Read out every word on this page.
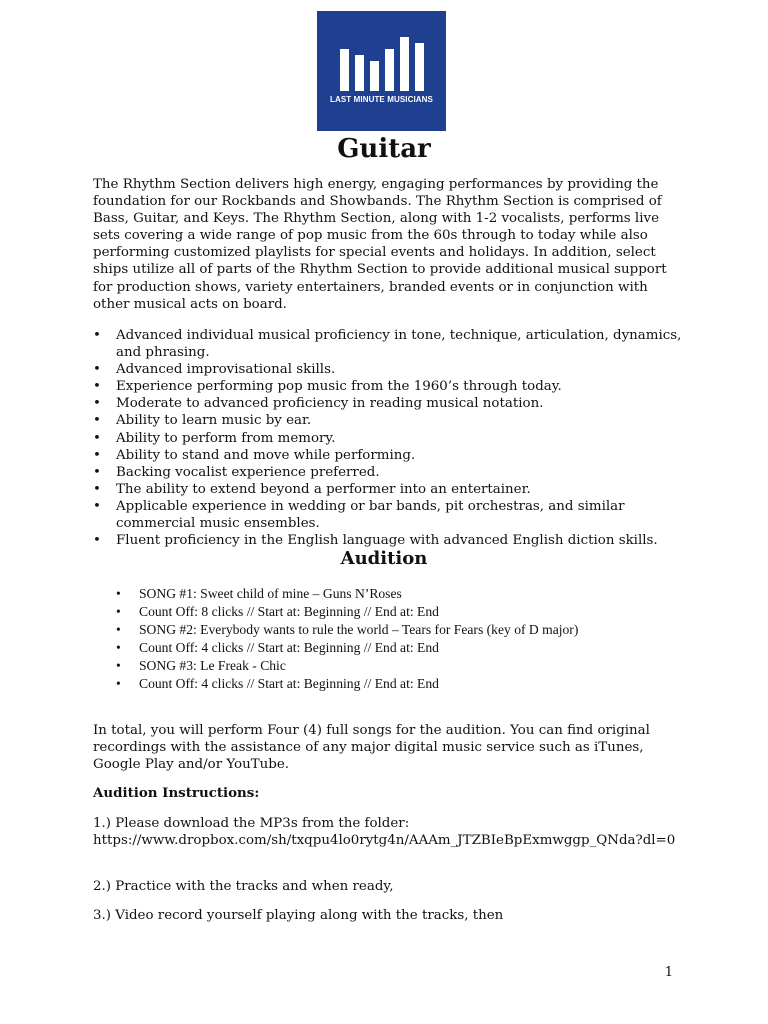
LAST MINUTE MUSICIANS
Guitar

The Rhythm Section delivers high energy, engaging performances by providing the foundation for our Rockbands and Showbands. The Rhythm Section is comprised of Bass, Guitar, and Keys. The Rhythm Section, along with 1-2 vocalists, performs live sets covering a wide range of pop music from the 60s through to today while also performing customized playlists for special events and holidays. In addition, select ships utilize all of parts of the Rhythm Section to provide additional musical support for production shows, variety entertainers, branded events or in conjunction with other musical acts on board.

• Advanced individual musical proficiency in tone, technique, articulation, dynamics, and phrasing.
• Advanced improvisational skills.
• Experience performing pop music from the 1960’s through today.
• Moderate to advanced proficiency in reading musical notation.
• Ability to learn music by ear.
• Ability to perform from memory.
• Ability to stand and move while performing.
• Backing vocalist experience preferred.
• The ability to extend beyond a performer into an entertainer.
• Applicable experience in wedding or bar bands, pit orchestras, and similar commercial music ensembles.
• Fluent proficiency in the English language with advanced English diction skills.
Audition
• SONG #1: Sweet child of mine – Guns N’Roses
• Count Off: 8 clicks // Start at: Beginning // End at: End
• SONG #2: Everybody wants to rule the world – Tears for Fears (key of D major)
• Count Off: 4 clicks // Start at: Beginning // End at: End
• SONG #3: Le Freak - Chic
• Count Off: 4 clicks // Start at: Beginning // End at: End

In total, you will perform Four (4) full songs for the audition. You can find original recordings with the assistance of any major digital music service such as iTunes, Google Play and/or YouTube.

Audition Instructions:

1.) Please download the MP3s from the folder:
https://www.dropbox.com/sh/txqpu4lo0rytg4n/AAAm_JTZBIeBpExmwggp_QNda?dl=0

2.) Practice with the tracks and when ready,

3.) Video record yourself playing along with the tracks, then

1
